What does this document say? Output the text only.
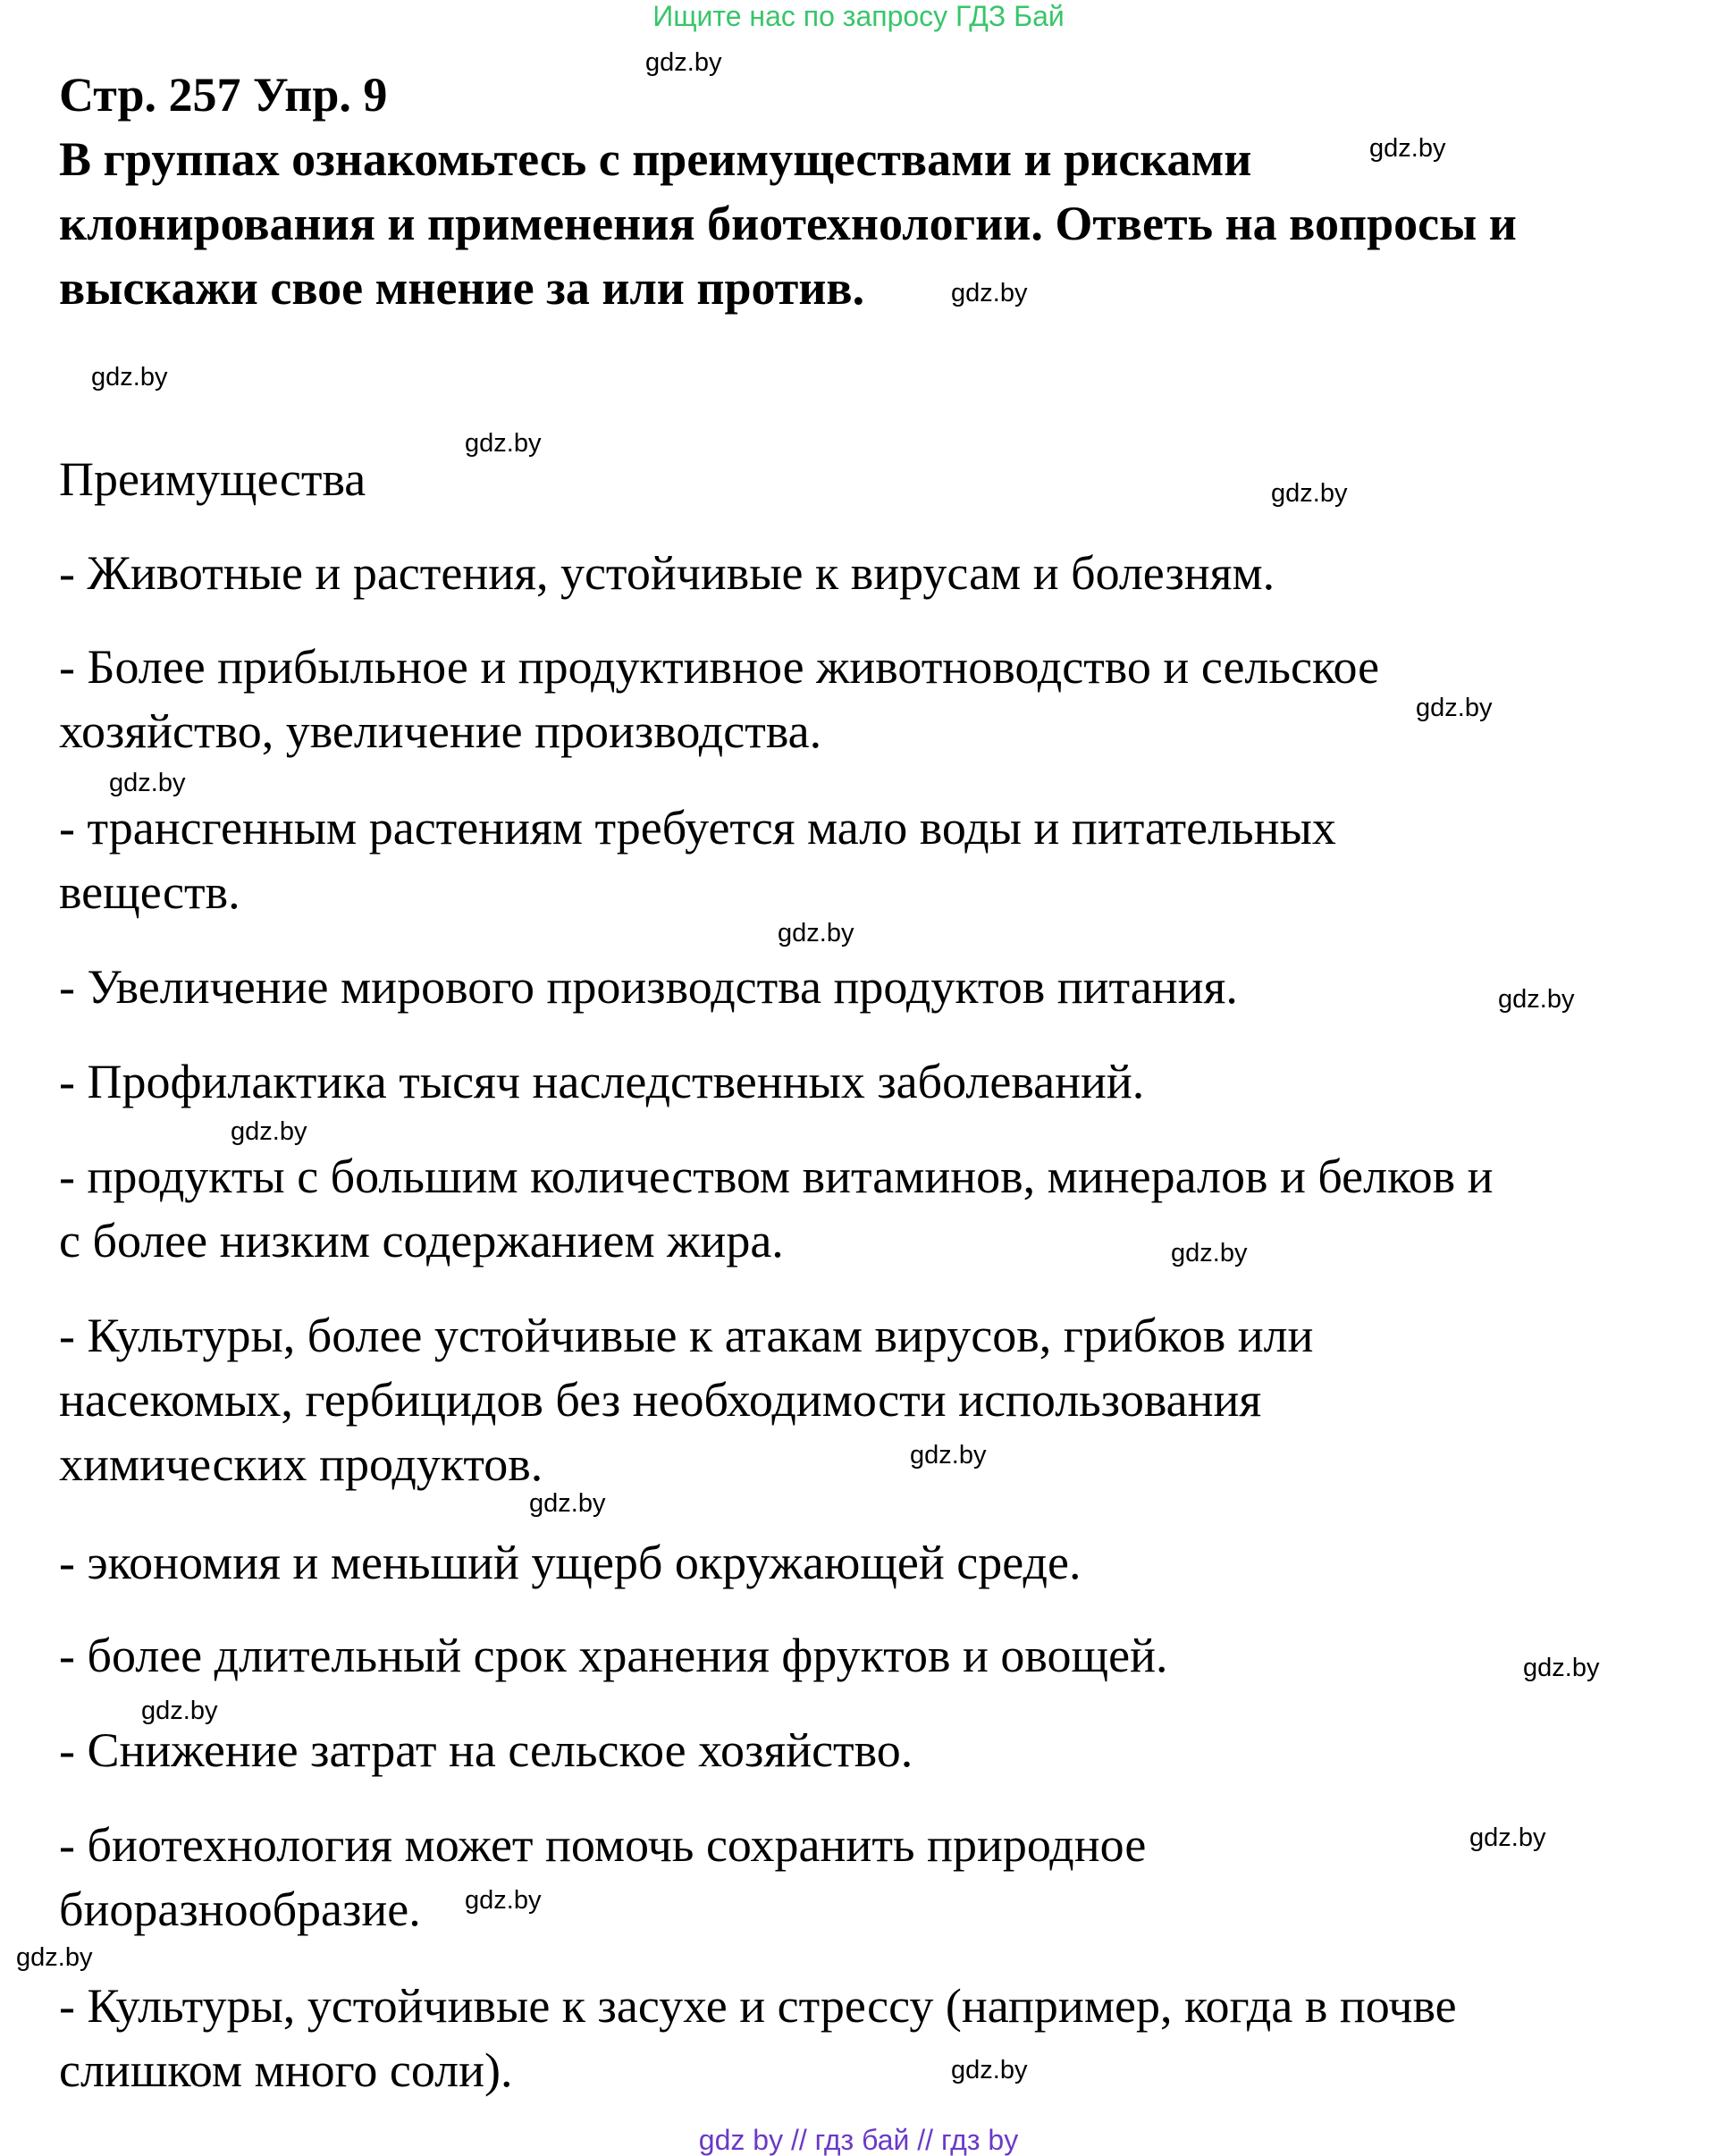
Ищите нас по запросу ГДЗ Бай
Стр. 257 Упр. 9
В группах ознакомьтесь с преимуществами и рисками
клонирования и применения биотехнологии. Ответь на вопросы и
выскажи свое мнение за или против.
Преимущества
- Животные и растения, устойчивые к вирусам и болезням.
- Более прибыльное и продуктивное животноводство и сельское
хозяйство, увеличение производства.
- трансгенным растениям требуется мало воды и питательных
веществ.
- Увеличение мирового производства продуктов питания.
- Профилактика тысяч наследственных заболеваний.
- продукты с большим количеством витаминов, минералов и белков и
с более низким содержанием жира.
- Культуры, более устойчивые к атакам вирусов, грибков или
насекомых, гербицидов без необходимости использования
химических продуктов.
- экономия и меньший ущерб окружающей среде.
- более длительный срок хранения фруктов и овощей.
- Снижение затрат на сельское хозяйство.
- биотехнология может помочь сохранить природное
биоразнообразие.
- Культуры, устойчивые к засухе и стрессу (например, когда в почве
слишком много соли).
gdz.by
gdz.by
gdz.by
gdz.by
gdz.by
gdz.by
gdz.by
gdz.by
gdz.by
gdz.by
gdz.by
gdz.by
gdz.by
gdz.by
gdz.by
gdz.by
gdz.by
gdz.by
gdz.by
gdz.by
gdz by // гдз бай // гдз by
